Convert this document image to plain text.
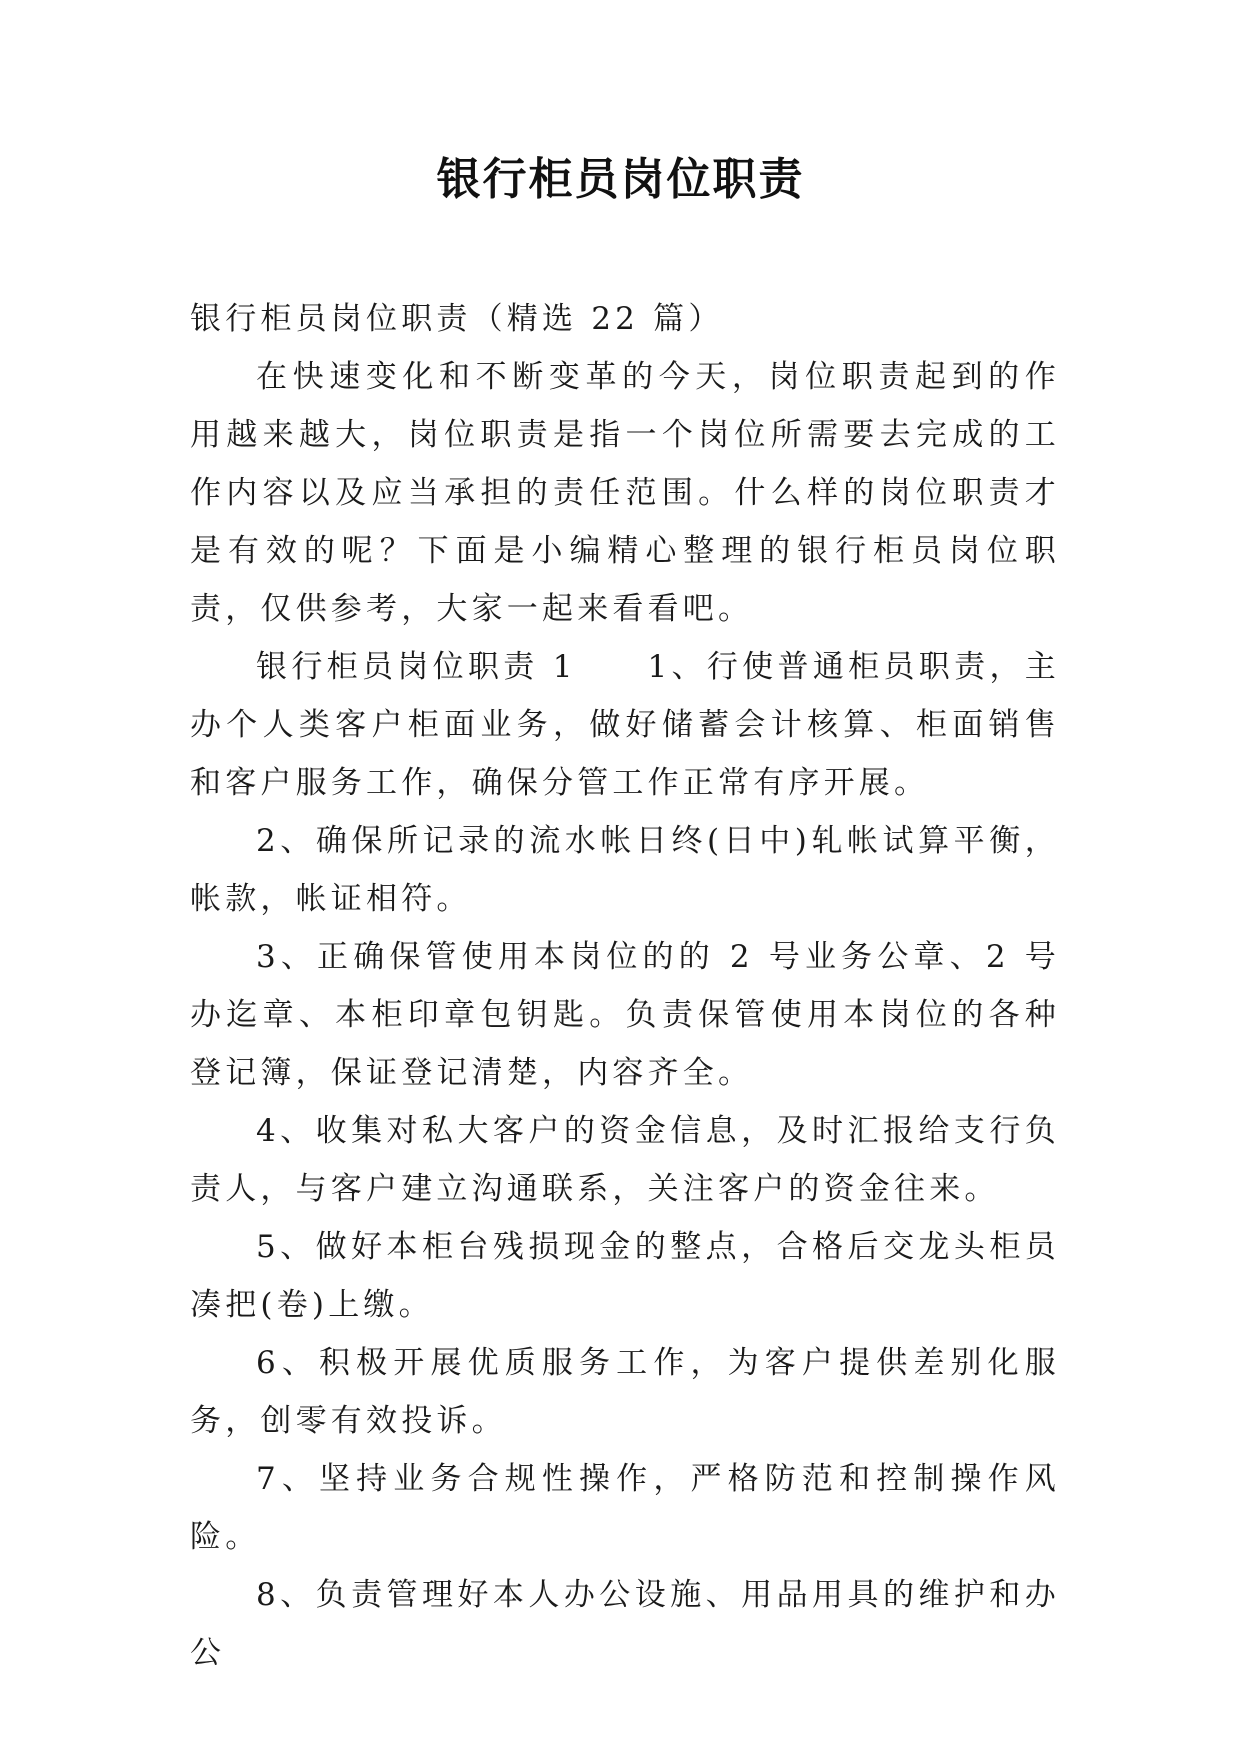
银行柜员岗位职责

银行柜员岗位职责（精选 22 篇）

在快速变化和不断变革的今天，岗位职责起到的作用越来越大，岗位职责是指一个岗位所需要去完成的工作内容以及应当承担的责任范围。什么样的岗位职责才是有效的呢？下面是小编精心整理的银行柜员岗位职责，仅供参考，大家一起来看看吧。

银行柜员岗位职责 1　　1、行使普通柜员职责，主办个人类客户柜面业务，做好储蓄会计核算、柜面销售和客户服务工作，确保分管工作正常有序开展。

2、确保所记录的流水帐日终(日中)轧帐试算平衡，帐款，帐证相符。

3、正确保管使用本岗位的的 2 号业务公章、2 号办迄章、本柜印章包钥匙。负责保管使用本岗位的各种登记簿，保证登记清楚，内容齐全。

4、收集对私大客户的资金信息，及时汇报给支行负责人，与客户建立沟通联系，关注客户的资金往来。

5、做好本柜台残损现金的整点，合格后交龙头柜员凑把(卷)上缴。

6、积极开展优质服务工作，为客户提供差别化服务，创零有效投诉。

7、坚持业务合规性操作，严格防范和控制操作风险。

8、负责管理好本人办公设施、用品用具的维护和办公
